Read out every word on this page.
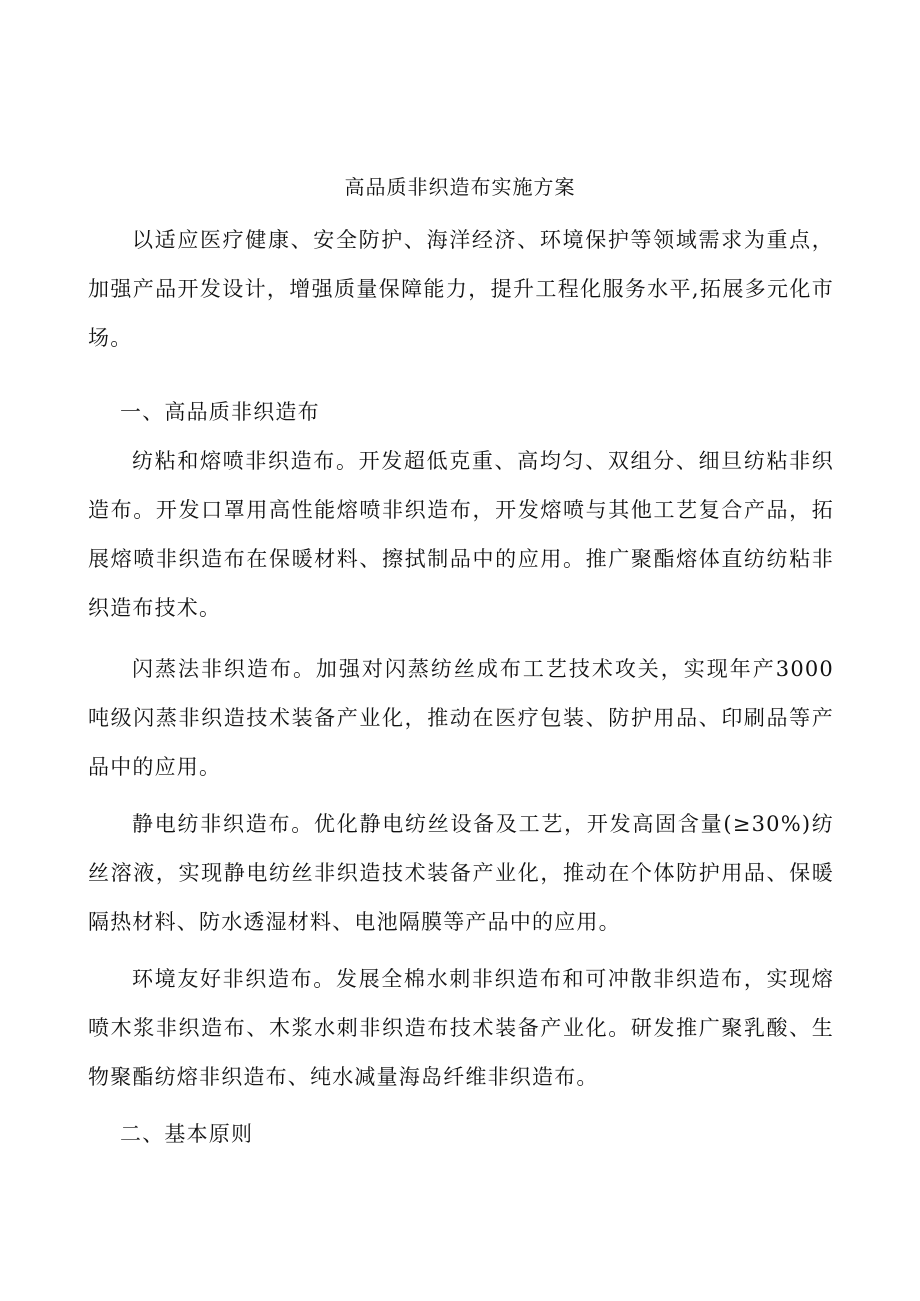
高品质非织造布实施方案

以适应医疗健康、安全防护、海洋经济、环境保护等领域需求为重点，加强产品开发设计，增强质量保障能力，提升工程化服务水平,拓展多元化市场。

一、高品质非织造布

纺粘和熔喷非织造布。开发超低克重、高均匀、双组分、细旦纺粘非织造布。开发口罩用高性能熔喷非织造布，开发熔喷与其他工艺复合产品，拓展熔喷非织造布在保暖材料、擦拭制品中的应用。推广聚酯熔体直纺纺粘非织造布技术。

闪蒸法非织造布。加强对闪蒸纺丝成布工艺技术攻关，实现年产3000吨级闪蒸非织造技术装备产业化，推动在医疗包装、防护用品、印刷品等产品中的应用。

静电纺非织造布。优化静电纺丝设备及工艺，开发高固含量(≥30%)纺丝溶液，实现静电纺丝非织造技术装备产业化，推动在个体防护用品、保暖隔热材料、防水透湿材料、电池隔膜等产品中的应用。

环境友好非织造布。发展全棉水刺非织造布和可冲散非织造布，实现熔喷木浆非织造布、木浆水刺非织造布技术装备产业化。研发推广聚乳酸、生物聚酯纺熔非织造布、纯水减量海岛纤维非织造布。

二、基本原则
